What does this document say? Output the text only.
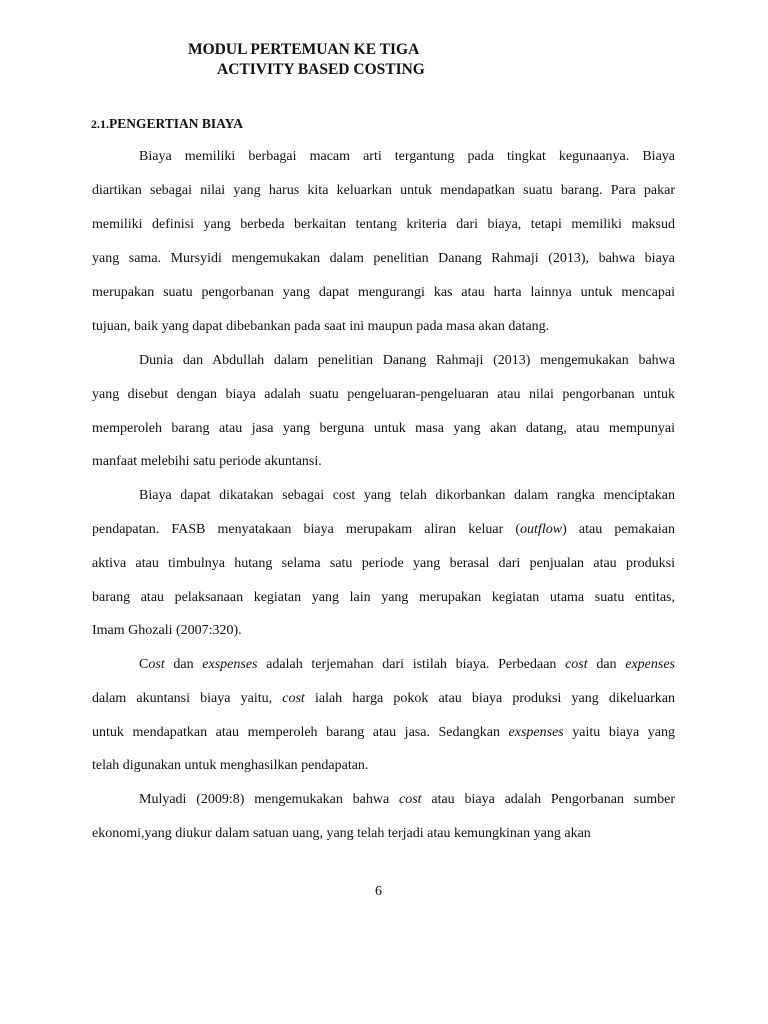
MODUL PERTEMUAN KE TIGA
ACTIVITY BASED COSTING
2.1.PENGERTIAN BIAYA
Biaya memiliki berbagai macam arti tergantung pada tingkat kegunaanya. Biaya
diartikan sebagai nilai yang harus kita keluarkan untuk mendapatkan suatu barang. Para pakar
memiliki definisi yang berbeda berkaitan tentang kriteria dari biaya, tetapi memiliki maksud
yang sama. Mursyidi mengemukakan dalam penelitian Danang Rahmaji (2013), bahwa biaya
merupakan suatu pengorbanan yang dapat mengurangi kas atau harta lainnya untuk mencapai
tujuan, baik yang dapat dibebankan pada saat ini maupun pada masa akan datang.
Dunia dan Abdullah dalam penelitian Danang Rahmaji (2013) mengemukakan bahwa
yang disebut dengan biaya adalah suatu pengeluaran-pengeluaran atau nilai pengorbanan untuk
memperoleh barang atau jasa yang berguna untuk masa yang akan datang, atau mempunyai
manfaat melebihi satu periode akuntansi.
Biaya dapat dikatakan sebagai cost yang telah dikorbankan dalam rangka menciptakan
pendapatan. FASB menyatakaan biaya merupakam aliran keluar (outflow) atau pemakaian
aktiva atau timbulnya hutang selama satu periode yang berasal dari penjualan atau produksi
barang atau pelaksanaan kegiatan yang lain yang merupakan kegiatan utama suatu entitas,
Imam Ghozali (2007:320).
Cost dan exspenses adalah terjemahan dari istilah biaya. Perbedaan cost dan expenses
dalam akuntansi biaya yaitu, cost ialah harga pokok atau biaya produksi yang dikeluarkan
untuk mendapatkan atau memperoleh barang atau jasa. Sedangkan exspenses yaitu biaya yang
telah digunakan untuk menghasilkan pendapatan.
Mulyadi (2009:8) mengemukakan bahwa cost atau biaya adalah Pengorbanan sumber
ekonomi,yang diukur dalam satuan uang, yang telah terjadi atau kemungkinan yang akan
6
